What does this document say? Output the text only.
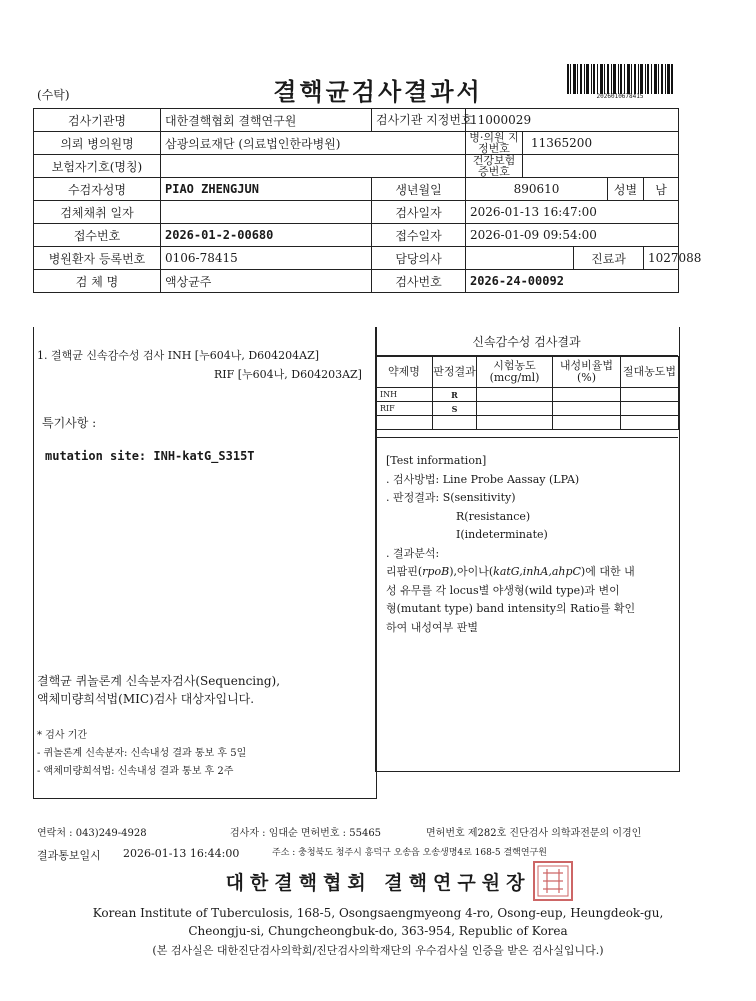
(수탁)	결핵균검사결과서	2026010678415
검사기관명	대한결핵협회 결핵연구원	검사기관 지정번호	11000029			
의뢰 병의원명	삼광의료재단 (의료법인한라병원)		병·의원 지정번호 11365200			

보험자기호(명칭)			건강보험 증번호			

수검자성명	PIAO ZHENGJUN	생년월일	890610		성별	남
검체채취 일자		검사일자	2026-01-13 16:47:00			
접수번호	2026-01-2-00680	접수일자	2026-01-09 09:54:00			
병원환자 등록번호	0106-78415	담당의사		진료과		1027088
검 체 명	액상균주	검사번호	2026-24-00092			
1. 결핵균 신속감수성 검사 INH [누604나, D604204AZ]
RIF [누604나, D604203AZ]
특기사항 :
mutation site: INH-katG_S315T
결핵균 퀴놀론계 신속분자검사(Sequencing),
액체미량희석법(MIC)검사 대상자입니다.
* 검사 기간
- 퀴놀론계 신속분자: 신속내성 결과 통보 후 5일
- 액체미량희석법: 신속내성 결과 통보 후 2주
신속감수성 검사결과
약제명	판정결과	시험농도(mcg/ml)	내성비율법(%)	절대농도법
INH	R			
RIF	S			

[Test information]
. 검사방법: Line Probe Aassay (LPA)
. 판정결과: S(sensitivity)
R(resistance)
I(indeterminate)
. 결과분석:
리팜핀(rpoB),아이나(katG,inhA,ahpC)에 대한 내
성 유무를 각 locus별 야생형(wild type)과 변이
형(mutant type) band intensity의 Ratio를 확인
하여 내성여부 판별
연락처 : 043)249-4928	검사자 : 임대순 면허번호 : 55465	면허번호 제282호 진단검사 의학과전문의 이경인
결과통보일시 2026-01-13 16:44:00	주소 : 충청북도 청주시 흥덕구 오송읍 오송생명4로 168-5 결핵연구원
대한결핵협회 결핵연구원장
Korean Institute of Tuberculosis, 168-5, Osongsaengmyeong 4-ro, Osong-eup, Heungdeok-gu,
Cheongju-si, Chungcheongbuk-do, 363-954, Republic of Korea
(본 검사실은 대한진단검사의학회/진단검사의학재단의 우수검사실 인증을 받은 검사실입니다.)
